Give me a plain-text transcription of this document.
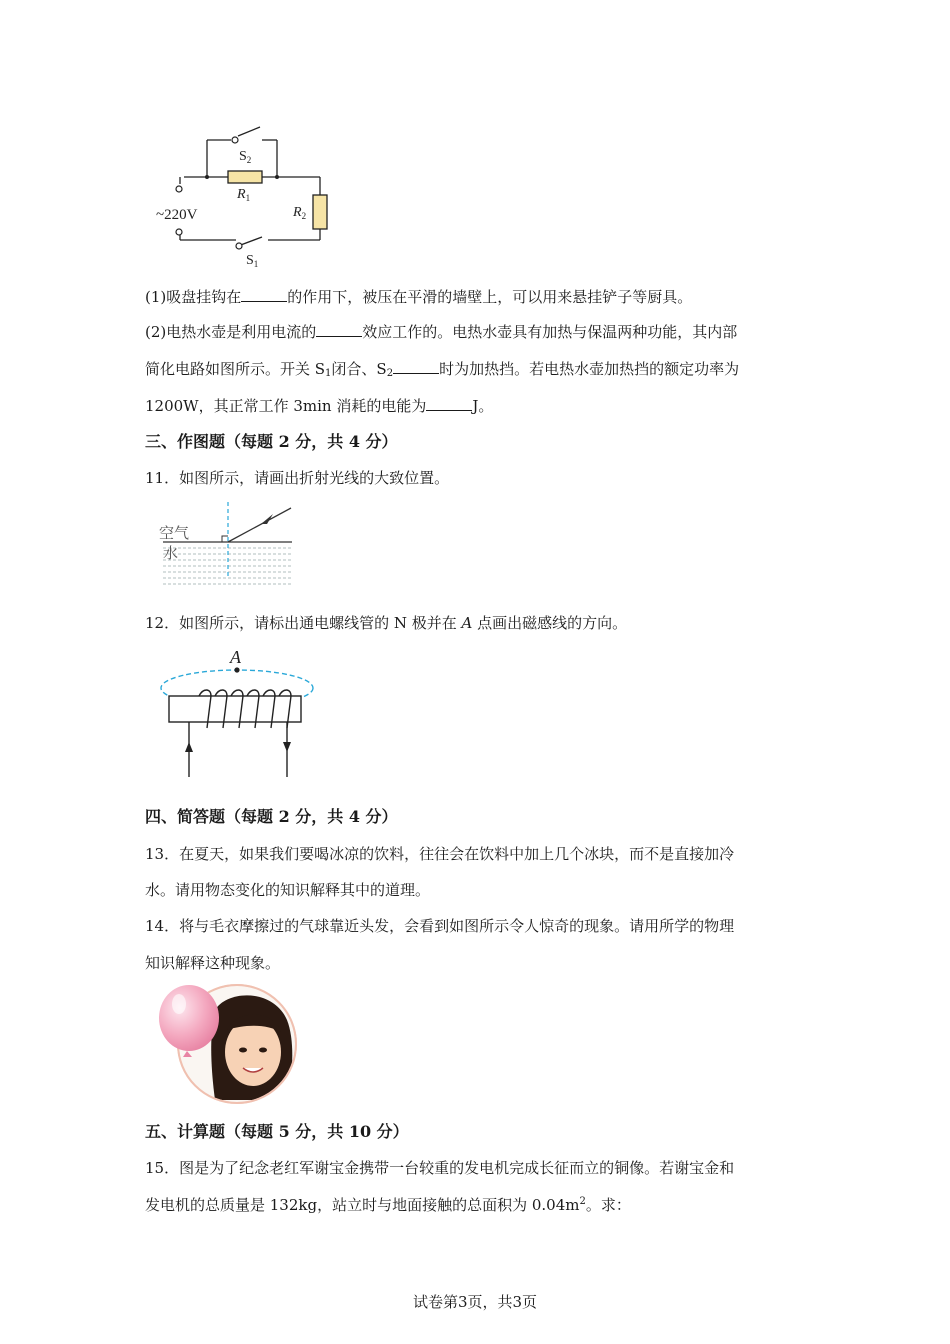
$S_2$
$R_1$
$R_2$
~220V
$S_1$
(1)吸盘挂钩在	的作用下，被压在平滑的墙壁上，可以用来悬挂铲子等厨具。
(2)电热水壶是利用电流的	效应工作的。电热水壶具有加热与保温两种功能，其内部
简化电路如图所示。开关 $S_1$闭合、$S_2$	时为加热挡。若电热水壶加热挡的额定功率为
1200W，其正常工作 3min 消耗的电能为	J。
三、作图题（每题 2 分，共 4 分）
11．如图所示，请画出折射光线的大致位置。
空气
水
12．如图所示，请标出通电螺线管的 N 极并在 A 点画出磁感线的方向。
A
四、简答题（每题 2 分，共 4 分）
13．在夏天，如果我们要喝冰凉的饮料，往往会在饮料中加上几个冰块，而不是直接加冷
水。请用物态变化的知识解释其中的道理。
14．将与毛衣摩擦过的气球靠近头发，会看到如图所示令人惊奇的现象。请用所学的物理
知识解释这种现象。
五、计算题（每题 5 分，共 10 分）
15．图是为了纪念老红军谢宝金携带一台较重的发电机完成长征而立的铜像。若谢宝金和
发电机的总质量是 132kg，站立时与地面接触的总面积为 $0.04m^2$。求：
试卷第3页，共3页
